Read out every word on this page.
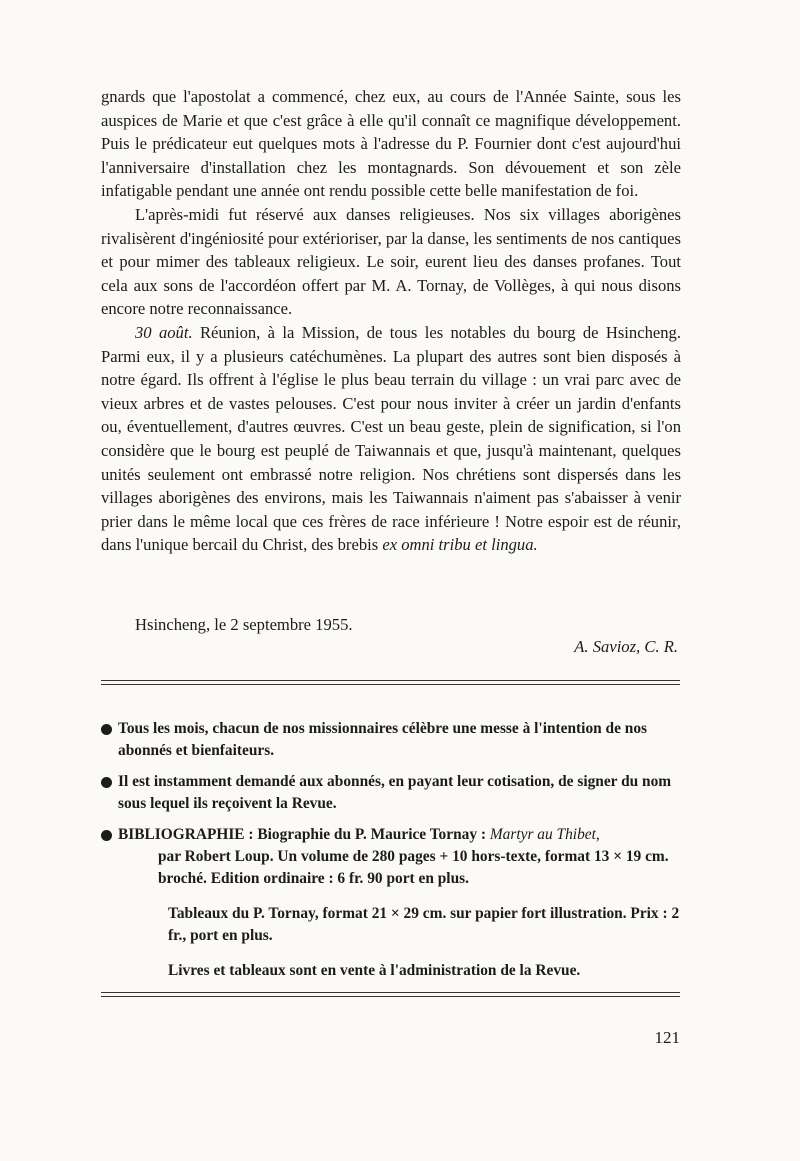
gnards que l'apostolat a commencé, chez eux, au cours de l'Année Sainte, sous les auspices de Marie et que c'est grâce à elle qu'il connaît ce magnifique développement. Puis le prédicateur eut quelques mots à l'adresse du P. Fournier dont c'est aujourd'hui l'anniversaire d'installation chez les montagnards. Son dévouement et son zèle infatigable pendant une année ont rendu possible cette belle manifestation de foi.

L'après-midi fut réservé aux danses religieuses. Nos six villages aborigènes rivalisèrent d'ingéniosité pour extérioriser, par la danse, les sentiments de nos cantiques et pour mimer des tableaux religieux. Le soir, eurent lieu des danses profanes. Tout cela aux sons de l'accordéon offert par M. A. Tornay, de Vollèges, à qui nous disons encore notre reconnaissance.

30 août. Réunion, à la Mission, de tous les notables du bourg de Hsincheng. Parmi eux, il y a plusieurs catéchumènes. La plupart des autres sont bien disposés à notre égard. Ils offrent à l'église le plus beau terrain du village : un vrai parc avec de vieux arbres et de vastes pelouses. C'est pour nous inviter à créer un jardin d'enfants ou, éventuellement, d'autres œuvres. C'est un beau geste, plein de signification, si l'on considère que le bourg est peuplé de Taiwannais et que, jusqu'à maintenant, quelques unités seulement ont embrassé notre religion. Nos chrétiens sont dispersés dans les villages aborigènes des environs, mais les Taiwannais n'aiment pas s'abaisser à venir prier dans le même local que ces frères de race inférieure ! Notre espoir est de réunir, dans l'unique bercail du Christ, des brebis ex omni tribu et lingua.

Hsincheng, le 2 septembre 1955.
A. Savioz, C. R.
Tous les mois, chacun de nos missionnaires célèbre une messe à l'intention de nos abonnés et bienfaiteurs.
Il est instamment demandé aux abonnés, en payant leur cotisation, de signer du nom sous lequel ils reçoivent la Revue.
BIBLIOGRAPHIE : Biographie du P. Maurice Tornay : Martyr au Thibet,
par Robert Loup. Un volume de 280 pages + 10 hors-texte, format 13 × 19 cm. broché. Edition ordinaire : 6 fr. 90 port en plus.
Tableaux du P. Tornay, format 21 × 29 cm. sur papier fort illustration. Prix : 2 fr., port en plus.
Livres et tableaux sont en vente à l'administration de la Revue.
121
